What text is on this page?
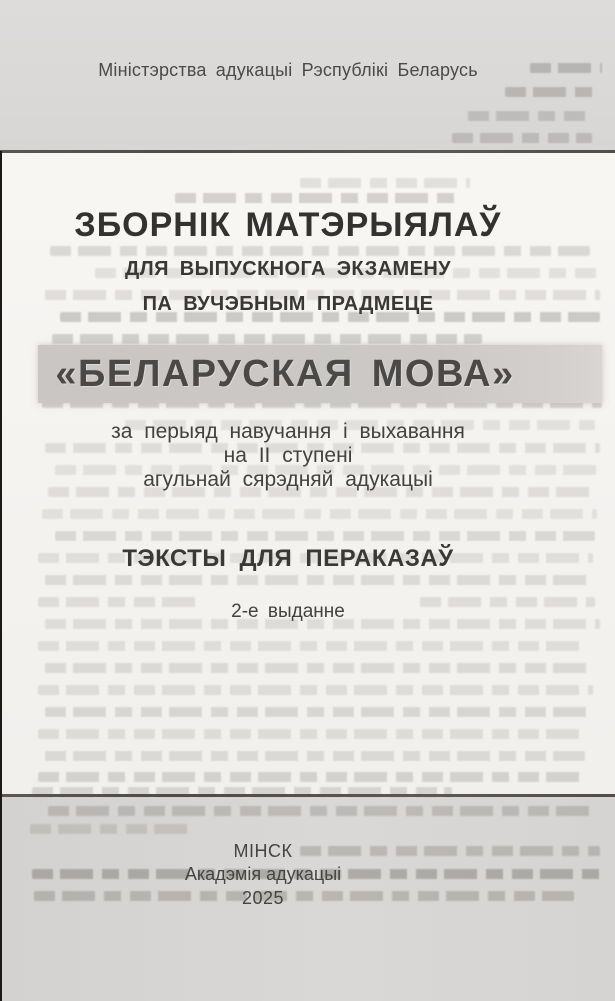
Міністэрства адукацыі Рэспублікі Беларусь
ЗБОРНІК МАТЭРЫЯЛАЎ
ДЛЯ ВЫПУСКНОГА ЭКЗАМЕНУ
ПА ВУЧЭБНЫМ ПРАДМЕЦЕ
«БЕЛАРУСКАЯ МОВА»
за перыяд навучання і выхавання
на II ступені
агульнай сярэдняй адукацыі
ТЭКСТЫ ДЛЯ ПЕРАКАЗАЎ
2-е выданне
МІНСК
Акадэмія адукацыі
2025
